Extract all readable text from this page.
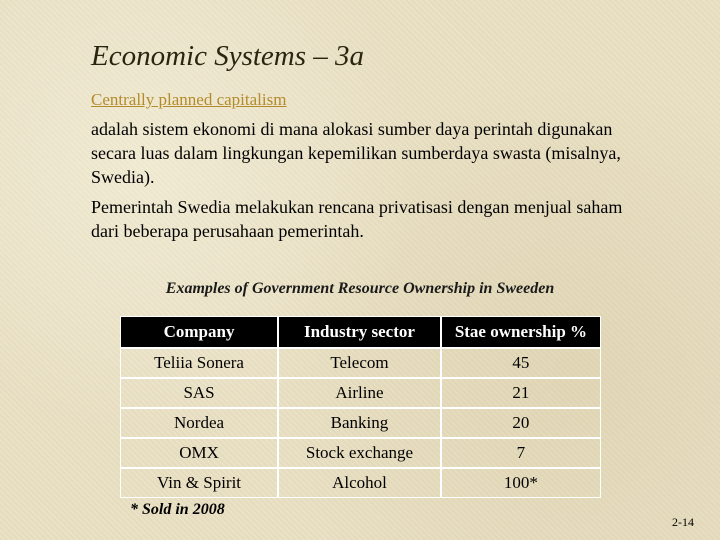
Economic Systems – 3a
Centrally planned capitalism
adalah sistem ekonomi di mana alokasi sumber daya perintah digunakan secara luas dalam lingkungan kepemilikan sumberdaya swasta (misalnya, Swedia).
Pemerintah Swedia melakukan rencana privatisasi dengan menjual saham dari beberapa perusahaan pemerintah.
Examples of Government Resource Ownership in Sweeden
Company	Industry sector	Stae ownership %
Teliia Sonera	Telecom	45
SAS	Airline	21
Nordea	Banking	20
OMX	Stock exchange	7
Vin & Spirit	Alcohol	100*
* Sold in 2008
2-14
